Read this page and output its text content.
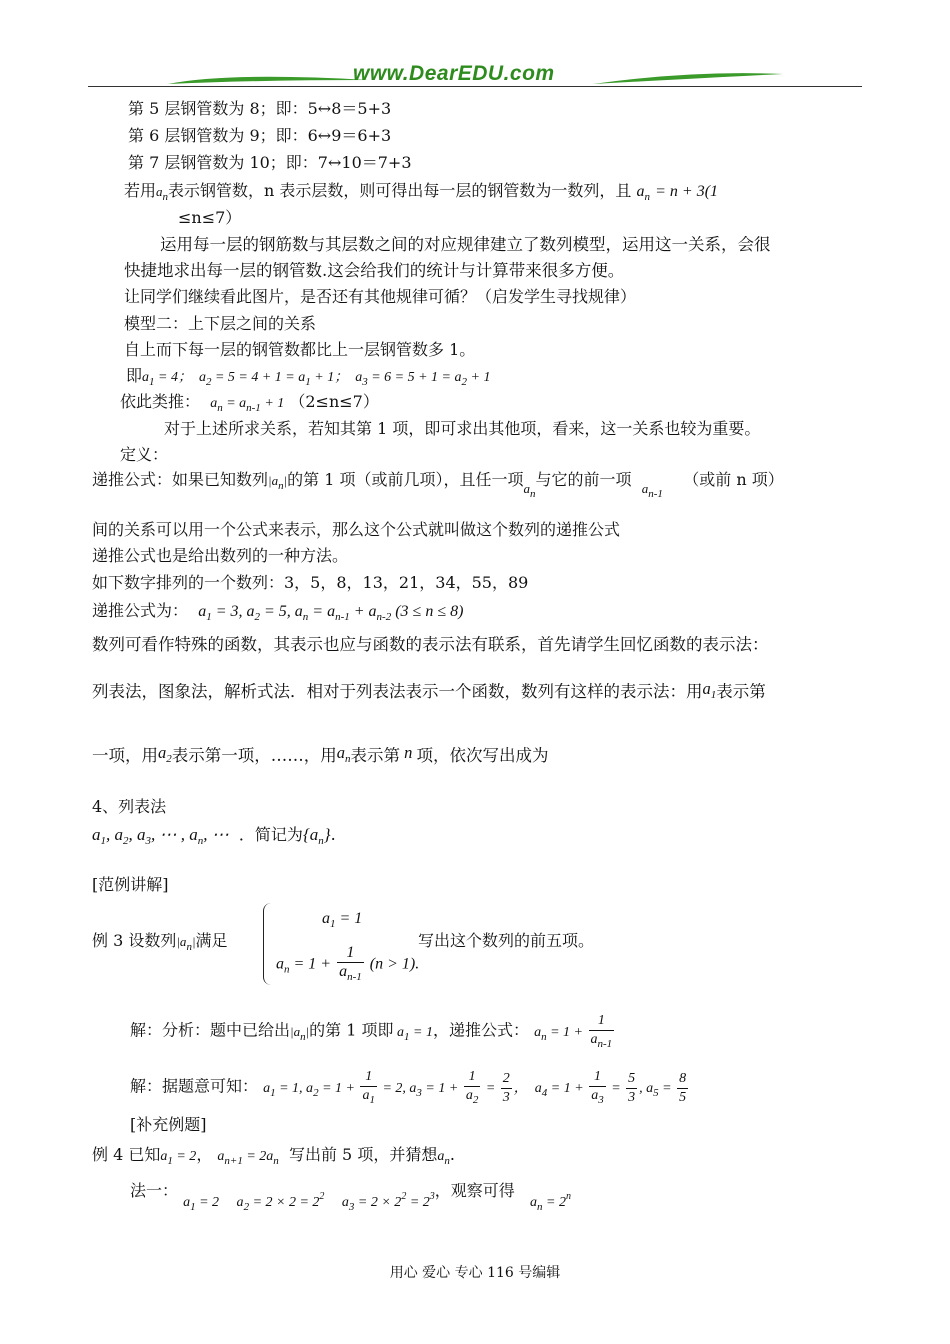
www.DearEDU.com
第 5 层钢管数为 8；即：5↔8＝5+3
第 6 层钢管数为 9；即：6↔9＝6+3
第 7 层钢管数为 10；即：7↔10＝7+3
若用$a_n$表示钢管数，n 表示层数，则可得出每一层的钢管数为一数列，且 $a_n = n + 3(1$
≤n≤7）
运用每一层的钢筋数与其层数之间的对应规律建立了数列模型，运用这一关系，会很
快捷地求出每一层的钢管数.这会给我们的统计与计算带来很多方便。
让同学们继续看此图片，是否还有其他规律可循？（启发学生寻找规律）
模型二：上下层之间的关系
自上而下每一层的钢管数都比上一层钢管数多 1。
即$a_1 = 4$；  $a_2 = 5 = 4 + 1 = a_1 + 1$；  $a_3 = 6 = 5 + 1 = a_2 + 1$
依此类推： $a_n = a_{n-1} + 1$ （2≤n≤7）
对于上述所求关系，若知其第 1 项，即可求出其他项，看来，这一关系也较为重要。
定义：
递推公式：如果已知数列$|a_n|$的第 1 项（或前几项），且任一项$_{a_n}$与它的前一项 $_{a_{n-1}}$    （或前 n 项）
间的关系可以用一个公式来表示，那么这个公式就叫做这个数列的递推公式
递推公式也是给出数列的一种方法。
如下数字排列的一个数列：3，5，8，13，21，34，55，89
递推公式为： $a_1 = 3$, $a_2 = 5$, $a_n = a_{n-1} + a_{n-2}$ (3 ≤ n ≤ 8)
数列可看作特殊的函数，其表示也应与函数的表示法有联系，首先请学生回忆函数的表示法：
列表法，图象法，解析式法．相对于列表法表示一个函数，数列有这样的表示法：用$a_1$表示第
一项，用$a_2$表示第一项，……，用$a_n$表示第 n 项，依次写出成为
4、列表法
$a_1$, $a_2$, $a_3$, ⋯ , $a_n$, ⋯ ．简记为$\{a_n\}$.
[范例讲解]
例 3 设数列$|a_n|$满足
$a_1 = 1$
$a_n = 1 + \frac{1}{a_{n-1}} (n > 1)$.
写出这个数列的前五项。
解：分析：题中已给出$|a_n|$的第 1 项即 $a_1 = 1$，递推公式： $a_n = 1 + \frac{1}{a_{n-1}}$
解：据题意可知： $a_1 = 1$, $a_2 = 1 + \frac{1}{a_1} = 2$, $a_3 = 1 + \frac{1}{a_2} = \frac{2}{3}$ ，  $a_4 = 1 + \frac{1}{a_3} = \frac{5}{3}$ , $a_5 = \frac{8}{5}$
[补充例题]
例 4 已知$a_1 = 2$， $a_{n+1} = 2a_n$ 写出前 5 项，并猜想$a_n$.
法一： $a_1 = 2$     $a_2 = 2 \times 2 = 2^2$     $a_3 = 2 \times 2^2 = 2^3$，观察可得   $a_n = 2^n$
用心 爱心 专心 116 号编辑
